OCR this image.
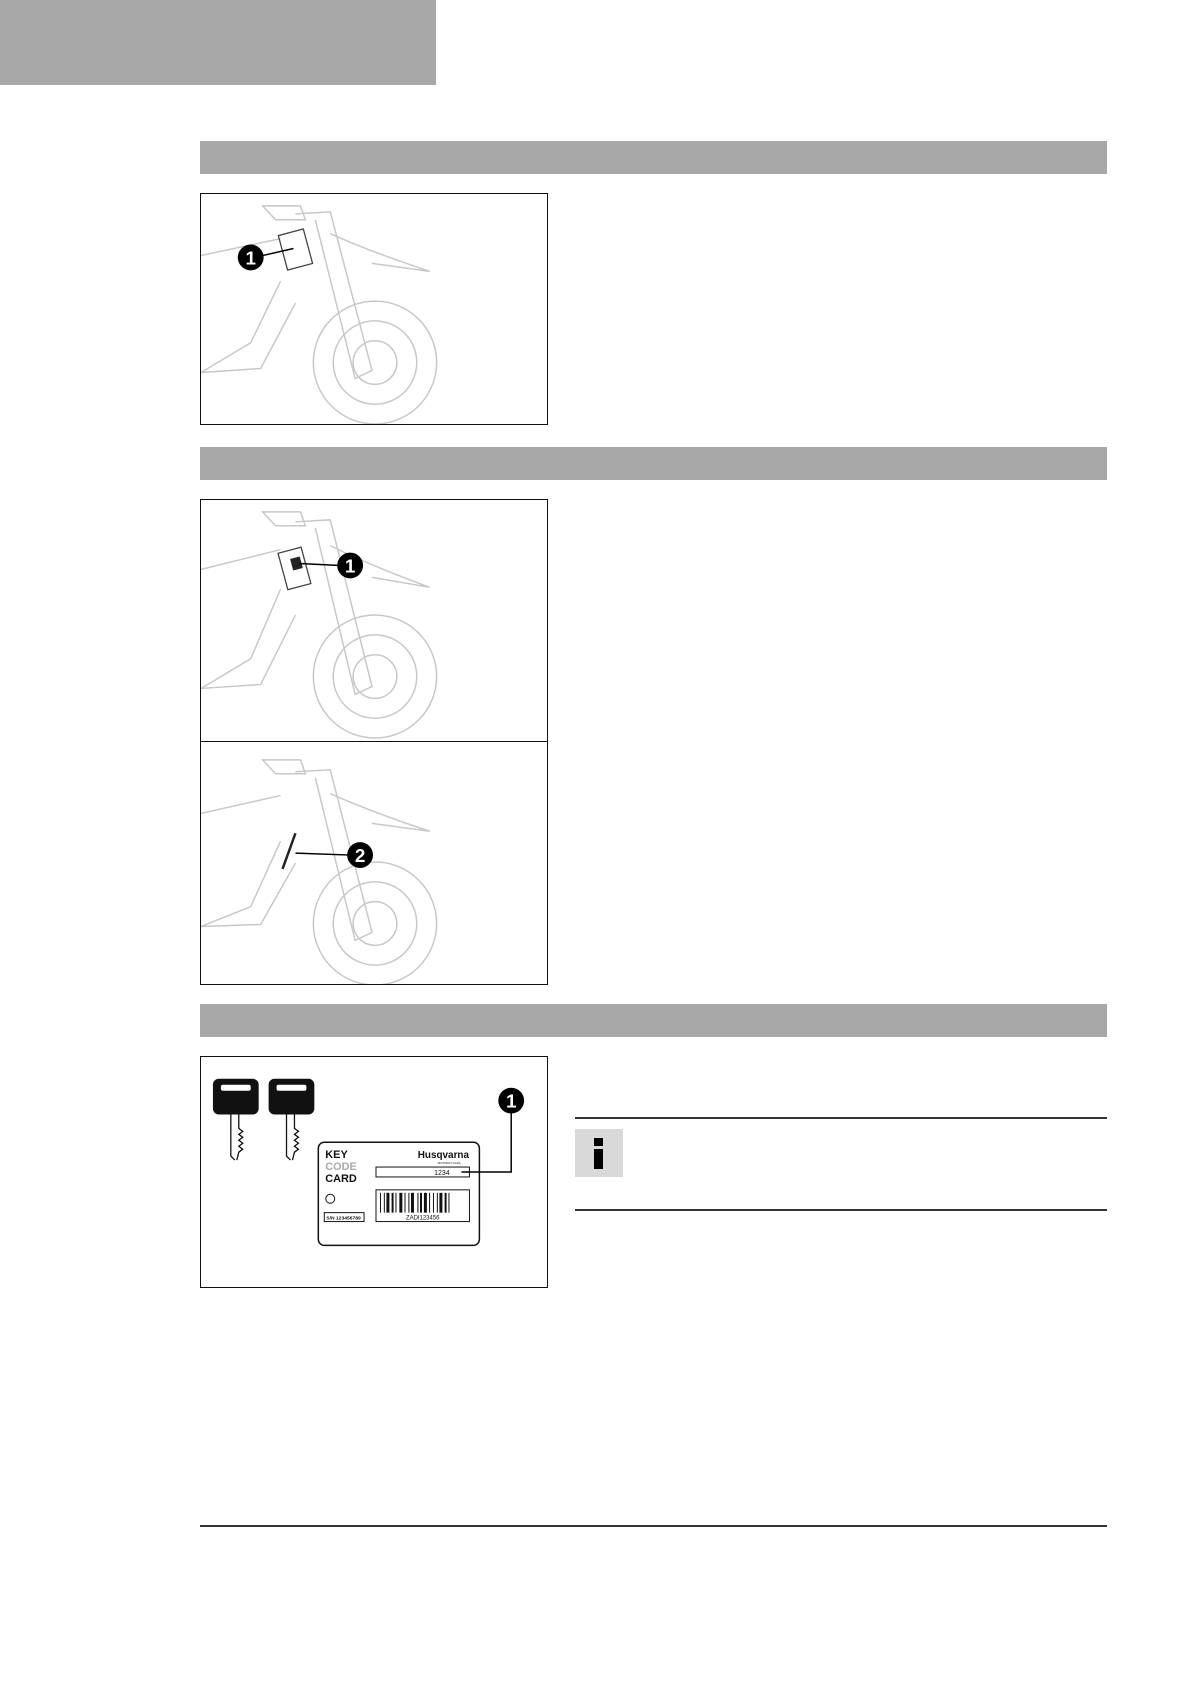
1
1
2
KEY
CODE
CARD
Husqvarna
MOTORCYCLES
1234
ZADI123456
S/N 123456789
1
